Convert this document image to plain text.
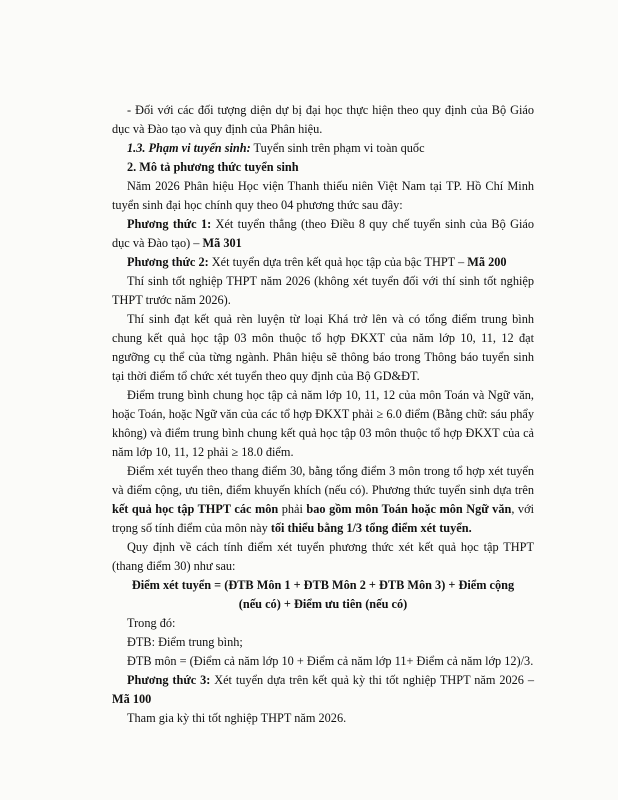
- Đối với các đối tượng diện dự bị đại học thực hiện theo quy định của Bộ Giáo dục và Đào tạo và quy định của Phân hiệu.

1.3. Phạm vi tuyển sinh: Tuyển sinh trên phạm vi toàn quốc

2. Mô tả phương thức tuyển sinh

Năm 2026 Phân hiệu Học viện Thanh thiếu niên Việt Nam tại TP. Hồ Chí Minh tuyển sinh đại học chính quy theo 04 phương thức sau đây:

Phương thức 1: Xét tuyển thẳng (theo Điều 8 quy chế tuyển sinh của Bộ Giáo dục và Đào tạo) – Mã 301

Phương thức 2: Xét tuyển dựa trên kết quả học tập của bậc THPT – Mã 200

Thí sinh tốt nghiệp THPT năm 2026 (không xét tuyển đối với thí sinh tốt nghiệp THPT trước năm 2026).

Thí sinh đạt kết quả rèn luyện từ loại Khá trở lên và có tổng điểm trung bình chung kết quả học tập 03 môn thuộc tổ hợp ĐKXT của năm lớp 10, 11, 12 đạt ngưỡng cụ thể của từng ngành. Phân hiệu sẽ thông báo trong Thông báo tuyển sinh tại thời điểm tổ chức xét tuyển theo quy định của Bộ GD&ĐT.

Điểm trung bình chung học tập cả năm lớp 10, 11, 12 của môn Toán và Ngữ văn, hoặc Toán, hoặc Ngữ văn của các tổ hợp ĐKXT phải ≥ 6.0 điểm (Bằng chữ: sáu phẩy không) và điểm trung bình chung kết quả học tập 03 môn thuộc tổ hợp ĐKXT của cả năm lớp 10, 11, 12 phải ≥ 18.0 điểm.

Điểm xét tuyển theo thang điểm 30, bằng tổng điểm 3 môn trong tổ hợp xét tuyển và điểm cộng, ưu tiên, điểm khuyến khích (nếu có). Phương thức tuyển sinh dựa trên kết quả học tập THPT các môn phải bao gồm môn Toán hoặc môn Ngữ văn, với trọng số tính điểm của môn này tối thiểu bằng 1/3 tổng điểm xét tuyển.

Quy định về cách tính điểm xét tuyển phương thức xét kết quả học tập THPT (thang điểm 30) như sau:

Điểm xét tuyển = (ĐTB Môn 1 + ĐTB Môn 2 + ĐTB Môn 3) + Điểm cộng
(nếu có) + Điểm ưu tiên (nếu có)

Trong đó:

ĐTB: Điểm trung bình;

ĐTB môn = (Điểm cả năm lớp 10 + Điểm cả năm lớp 11+ Điểm cả năm lớp 12)/3.

Phương thức 3: Xét tuyển dựa trên kết quả kỳ thi tốt nghiệp THPT năm 2026 – Mã 100

Tham gia kỳ thi tốt nghiệp THPT năm 2026.
